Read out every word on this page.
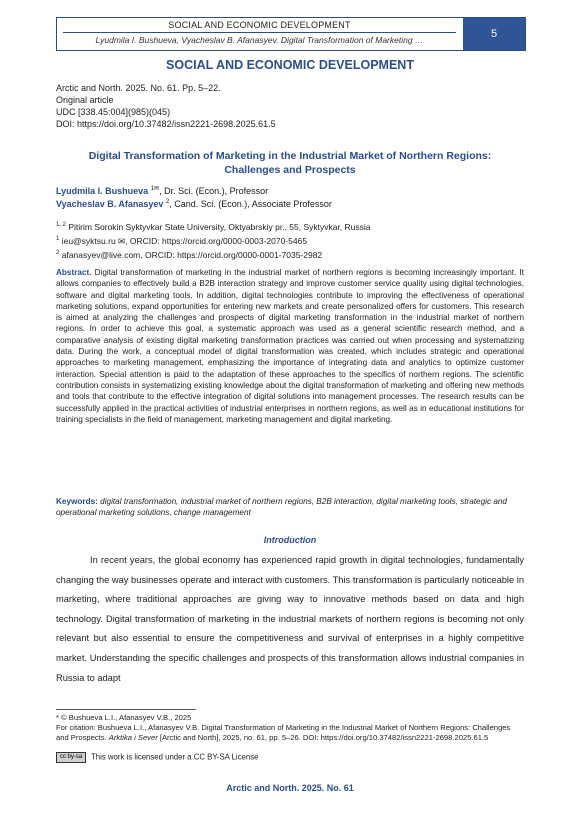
SOCIAL AND ECONOMIC DEVELOPMENT
Lyudmila I. Bushueva, Vyacheslav B. Afanasyev. Digital Transformation of Marketing …	5
SOCIAL AND ECONOMIC DEVELOPMENT
Arctic and North. 2025. No. 61. Pp. 5–22.
Original article
UDC [338.45:004](985)(045)
DOI: https://doi.org/10.37482/issn2221-2698.2025.61.5
Digital Transformation of Marketing in the Industrial Market of Northern Regions:
Challenges and Prospects
Lyudmila I. Bushueva $^{1✉}$, Dr. Sci. (Econ.), Professor
Vyacheslav B. Afanasyev $^2$, Cand. Sci. (Econ.), Associate Professor
$^{1, 2}$ Pitirim Sorokin Syktyvkar State University, Oktyabrskiy pr., 55, Syktyvkar, Russia
$^1$ ieu@syktsu.ru ✉, ORCID: https://orcid.org/0000-0003-2070-5465
$^2$ afanasyev@live.com, ORCID: https://orcid.org/0000-0001-7035-2982
Abstract. Digital transformation of marketing in the industrial market of northern regions is becoming increasingly important. It allows companies to effectively build a B2B interaction strategy and improve customer service quality using digital technologies, software and digital marketing tools. In addition, digital technologies contribute to improving the effectiveness of operational marketing solutions, expand opportunities for entering new markets and create personalized offers for customers. This research is aimed at analyzing the challenges and prospects of digital marketing transformation in the industrial market of northern regions. In order to achieve this goal, a systematic approach was used as a general scientific research method, and a comparative analysis of existing digital marketing transformation practices was carried out when processing and systematizing data. During the work, a conceptual model of digital transformation was created, which includes strategic and operational approaches to marketing management, emphasizing the importance of integrating data and analytics to optimize customer interaction. Special attention is paid to the adaptation of these approaches to the specifics of northern regions. The scientific contribution consists in systematizing existing knowledge about the digital transformation of marketing and offering new methods and tools that contribute to the effective integration of digital solutions into management processes. The research results can be successfully applied in the practical activities of industrial enterprises in northern regions, as well as in educational institutions for training specialists in the field of management, marketing management and digital marketing.
Keywords: digital transformation, industrial market of northern regions, B2B interaction, digital marketing tools, strategic and operational marketing solutions, change management
Introduction
In recent years, the global economy has experienced rapid growth in digital technologies, fundamentally changing the way businesses operate and interact with customers. This transformation is particularly noticeable in marketing, where traditional approaches are giving way to innovative methods based on data and high technology. Digital transformation of marketing in the industrial markets of northern regions is becoming not only relevant but also essential to ensure the competitiveness and survival of enterprises in a highly competitive market. Understanding the specific challenges and prospects of this transformation allows industrial companies in Russia to adapt
* © Bushueva L.I., Afanasyev V.B., 2025
For citation: Bushueva L.I., Afanasyev V.B. Digital Transformation of Marketing in the Industrial Market of Northern Regions: Challenges and Prospects. Arktika i Sever [Arctic and North], 2025, no. 61, pp. 5–26. DOI: https://doi.org/10.37482/issn2221-2698.2025.61.5
cc by-sa This work is licensed under a CC BY-SA License
Arctic and North. 2025. No. 61
